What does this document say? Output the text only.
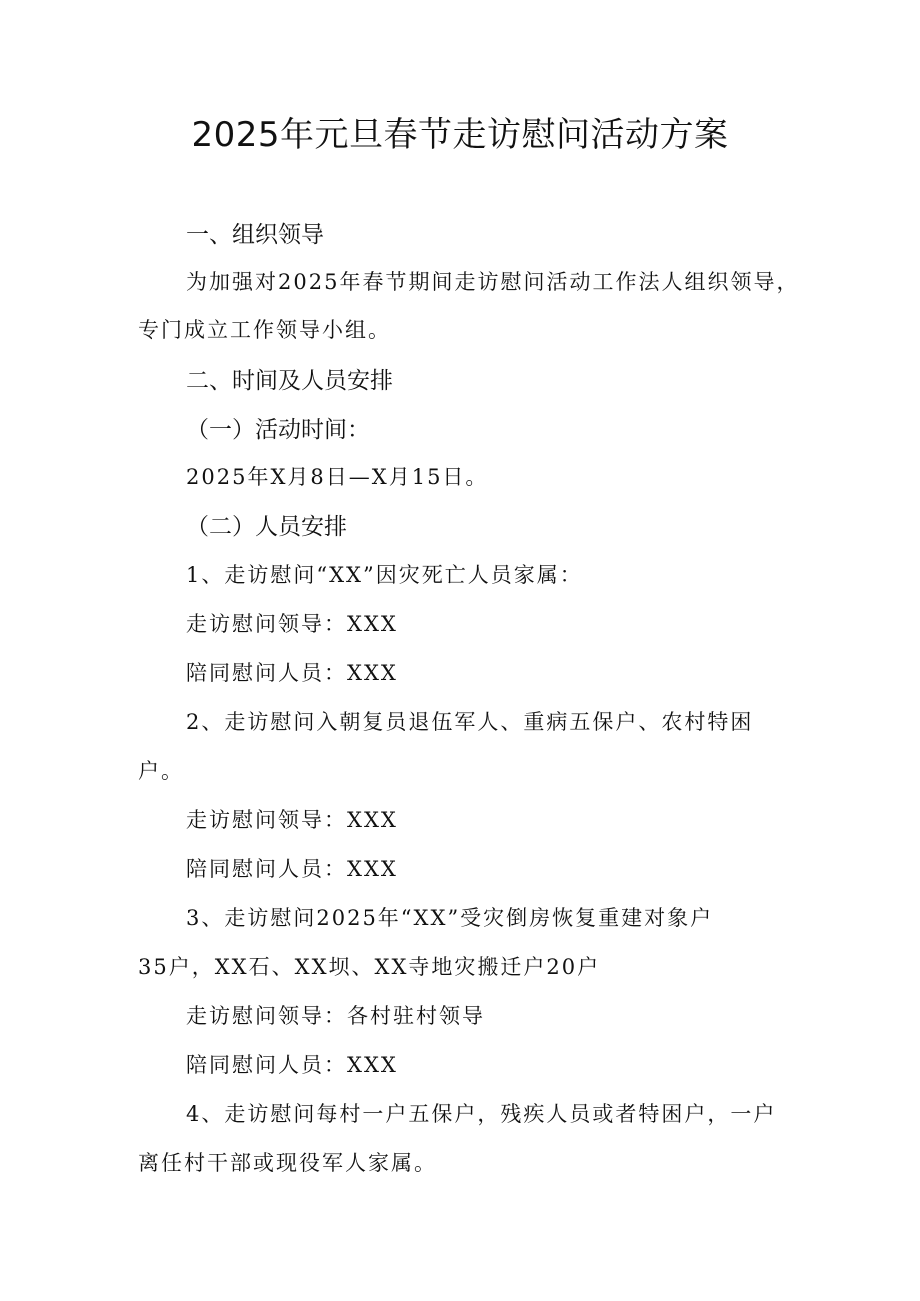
2025年元旦春节走访慰问活动方案
一、组织领导
为加强对2025年春节期间走访慰问活动工作法人组织领导，
专门成立工作领导小组。
二、时间及人员安排
（一）活动时间：
2025年X月8日—X月15日。
（二）人员安排
1、走访慰问“XX”因灾死亡人员家属：
走访慰问领导：XXX
陪同慰问人员：XXX
2、走访慰问入朝复员退伍军人、重病五保户、农村特困
户。
走访慰问领导：XXX
陪同慰问人员：XXX
3、走访慰问2025年“XX”受灾倒房恢复重建对象户
35户，XX石、XX坝、XX寺地灾搬迁户20户
走访慰问领导：各村驻村领导
陪同慰问人员：XXX
4、走访慰问每村一户五保户，残疾人员或者特困户，一户
离任村干部或现役军人家属。
